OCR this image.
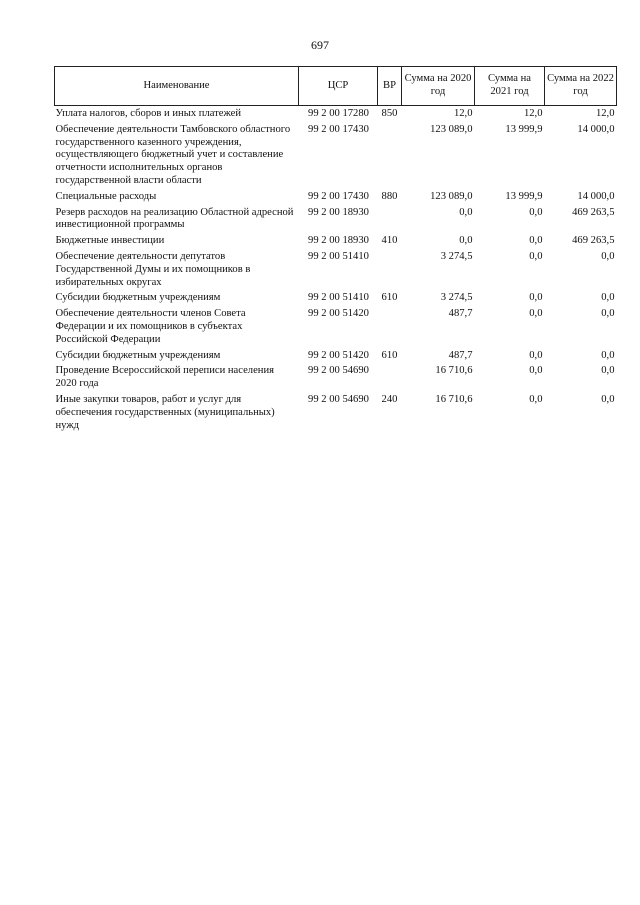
697
Наименование	ЦСР	ВР	Сумма на 2020 год	Сумма на 2021 год	Сумма на 2022 год
Уплата налогов, сборов и иных платежей	99 2 00 17280	850	12,0	12,0	12,0
Обеспечение деятельности Тамбовского областного государственного казенного учреждения, осуществляющего бюджетный учет и составление отчетности исполнительных органов государственной власти области	99 2 00 17430		123 089,0	13 999,9	14 000,0
Специальные расходы	99 2 00 17430	880	123 089,0	13 999,9	14 000,0
Резерв расходов на реализацию Областной адресной инвестиционной программы	99 2 00 18930		0,0	0,0	469 263,5
Бюджетные инвестиции	99 2 00 18930	410	0,0	0,0	469 263,5
Обеспечение деятельности депутатов Государственной Думы и их помощников в избирательных округах	99 2 00 51410		3 274,5	0,0	0,0
Субсидии бюджетным учреждениям	99 2 00 51410	610	3 274,5	0,0	0,0
Обеспечение деятельности членов Совета Федерации и их помощников в субъектах Российской Федерации	99 2 00 51420		487,7	0,0	0,0
Субсидии бюджетным учреждениям	99 2 00 51420	610	487,7	0,0	0,0
Проведение Всероссийской переписи населения 2020 года	99 2 00 54690		16 710,6	0,0	0,0
Иные закупки товаров, работ и услуг для обеспечения государственных (муниципальных) нужд	99 2 00 54690	240	16 710,6	0,0	0,0
